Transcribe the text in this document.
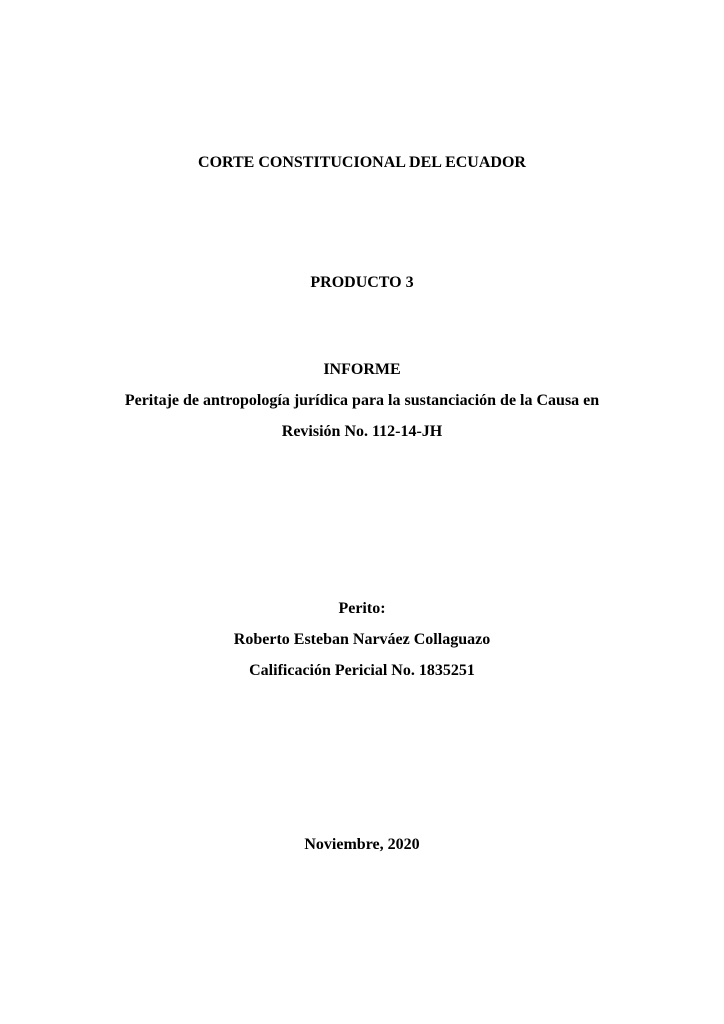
CORTE CONSTITUCIONAL DEL ECUADOR
PRODUCTO 3
INFORME
Peritaje de antropología jurídica para la sustanciación de la Causa en
Revisión No. 112-14-JH
Perito:
Roberto Esteban Narváez Collaguazo
Calificación Pericial No. 1835251
Noviembre, 2020
